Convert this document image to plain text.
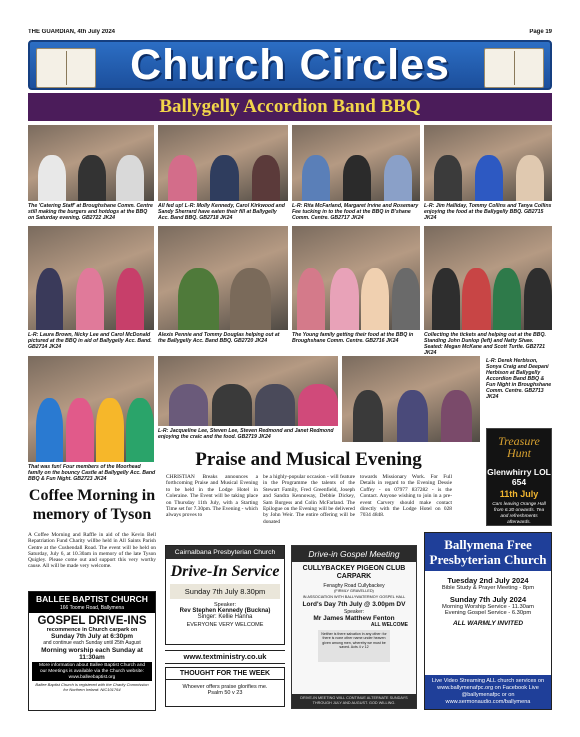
THE GUARDIAN, 4th July 2024	Page 19
Church Circles
Ballygelly Accordion Band BBQ
The 'Catering Staff' at Broughshane Comm. Centre still making the burgers and hotdogs at the BBQ on Saturday evening. GB2722 JK24
All fed up! L-R: Molly Kennedy, Carol Kirkwood and Sandy Sherrard have eaten their fill at Ballygelly Acc. Band BBQ. GB2718 JK24
L-R: Rita McFarland, Margaret Irvine and Rosemary Fee tucking in to the food at the BBQ in B'shane Comm. Centre. GB2717 JK24
L-R: Jim Halliday, Tommy Collins and Tanya Collins enjoying the food at the Ballygelly BBQ. GB2715 JK24
L-R: Laura Brown, Nicky Lee and Carol McDonald pictured at the BBQ in aid of Ballygelly Acc. Band. GB2714 JK24
Alexis Pennie and Tommy Douglas helping out at the Ballygelly Acc. Band BBQ. GB2720 JK24
The Young family getting their food at the BBQ in Broughshane Comm. Centre. GB2716 JK24
Collecting the tickets and helping out at the BBQ. Standing John Dunlop (left) and Natty Shaw. Seated: Megan McKane and Scott Turtle. GB2721 JK24
L-R: Derek Herbison, Sonya Craig and Deepani Herbison at Ballygelly Accordion Band BBQ & Fun Night in Broughshane Comm. Centre. GB2713 JK24
L-R: Jacqueline Lee, Steven Lee, Steven Redmond and Janet Redmond enjoying the craic and the food. GB2719 JK24
That was fun! Four members of the Moorhead family on the bouncy Castle at Ballygelly Acc. Band BBQ & Fun Night. GB2723 JK24
Treasure Hunt
Glenwhirry LOL 654
11th July
Cars leaving Orange Hall from 6.30 onwards. Tea and refreshments afterwards.
Praise and Musical Evening
CHRISTIAN Breaks announces a forthcoming Praise and Musical Evening to be held in the Lodge Hotel in Coleraine. The Event will be taking place on Thursday 11th July, with a Starting Time set for 7.30pm. The Evening - which always proves to
be a highly-popular occasion - will feature in the Programme the talents of the Stewart Family, Fred Greenfield, Joseph and Sandra Kennoway, Debbie Dickey, Sam Burgess and Colin McFarland. The Epilogue on the Evening will be delivered by John Weir. The entire offering will be donated
towards Missionary Work. For Full Details in regard to the Evening Dessie Coffey - on 07977 837282 - is the Contact. Anyone wishing to join in a pre-event Carvery should make contact directly with the Lodge Hotel on 028 7034 4848.
Coffee Morning in memory of Tyson
A Coffee Morning and Raffle in aid of the Kevin Bell Repatriation Fund Charity willbe held in All Saints Parish Centre at the Cushendall Road. The event will be held on Saturday, July 6, at 10.30am in memory of the late Tyson Quigley. Please come out and support this very worthy cause. All will be made very welcome.
BALLEE BAPTIST CHURCH
166 Toome Road, Ballymena
GOSPEL DRIVE-INS
recommence in Church carpark on
Sunday 7th July at 6:30pm
and continue each Sunday until 25th August
Morning worship each Sunday at 11:30am
More information about Ballee Baptist Church and our Meetings is available via the Church website: www.balleebaptist.org
Ballee Baptist Church is registered with the Charity Commission for Northern Ireland: NIC101764
Cairnalbana Presbyterian Church
Drive-In Service
Sunday 7th July 8.30pm
Speaker:
Rev Stephen Kennedy (Buckna)
Singer: Kellie Hanna
EVERYONE VERY WELCOME
www.textministry.co.uk
THOUGHT FOR THE WEEK
Whoever offers praise glorifies me.
Psalm 50 v 23
Drive-in Gospel Meeting
CULLYBACKEY PIGEON CLUB CARPARK
Fenaghy Road Cullybackey
(FIRMLY GRAVELLED)
IN ASSOCIATION WITH BALLYWATERMOY GOSPEL HALL
Lord's Day 7th July @ 3.00pm DV
Speaker:
Mr James Matthew Fenton
ALL WELCOME
Neither is there salvation in any other: for there is none other name under heaven given among men, whereby we must be saved. Acts 4 v 12
DRIVE-IN MEETING WILL CONTINUE ALTERNATE SUNDAYS THROUGH JULY AND AUGUST. GOD WILLING.
Ballymena Free Presbyterian Church
Tuesday 2nd July 2024
Bible Study & Prayer Meeting - 8pm
Sunday 7th July 2024
Morning Worship Service - 11.30am
Evening Gospel Service - 6.30pm
ALL WARMLY INVITED
Live Video Streaming ALL church services on www.ballymenafpc.org on Facebook Live @ballymenafpc or on www.sermonaudio.com/ballymena
